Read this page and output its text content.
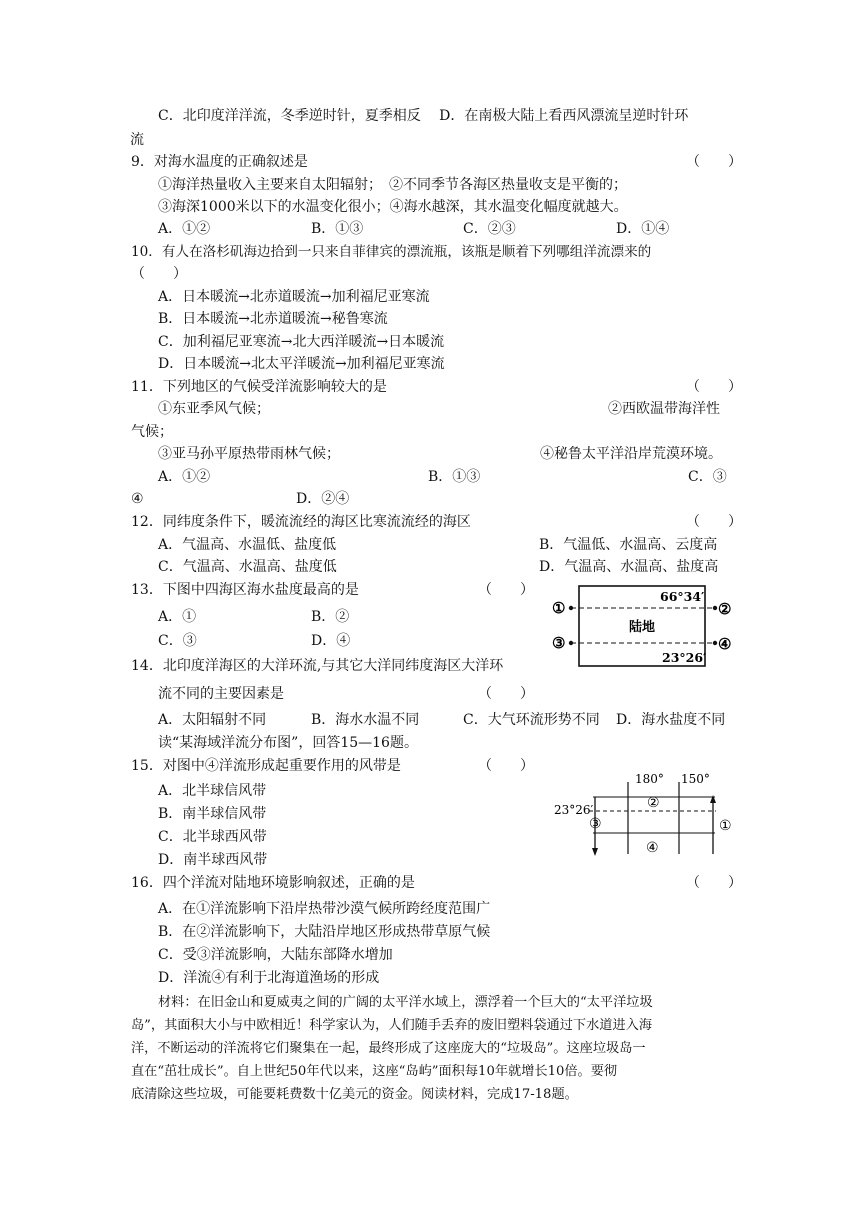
C．北印度洋洋流，冬季逆时针，夏季相反　 D．在南极大陆上看西风漂流呈逆时针环
流
9．对海水温度的正确叙述是	（　　）
①海洋热量收入主要来自太阳辐射；　②不同季节各海区热量收支是平衡的；
③海深1000米以下的水温变化很小；④海水越深，其水温变化幅度就越大。
A．①②	B．①③	C．②③	D．①④
10．有人在洛杉矶海边拾到一只来自菲律宾的漂流瓶，该瓶是顺着下列哪组洋流漂来的
（　　）
A．日本暖流→北赤道暖流→加利福尼亚寒流
B．日本暖流→北赤道暖流→秘鲁寒流
C．加利福尼亚寒流→北大西洋暖流→日本暖流
D．日本暖流→北太平洋暖流→加利福尼亚寒流
11．下列地区的气候受洋流影响较大的是	（　　）
①东亚季风气候；	②西欧温带海洋性
气候；
③亚马孙平原热带雨林气候；	④秘鲁太平洋沿岸荒漠环境。
A．①②	B．①③	C．③
④	D．②④
12．同纬度条件下，暖流流经的海区比寒流流经的海区	（　　）
A．气温高、水温低、盐度低	B．气温低、水温高、云度高
C．气温高、水温高、盐度低	D．气温高、水温高、盐度高
13．下图中四海区海水盐度最高的是	（　　）
A．①	B．②
C．③	D．④
66°34′
23°26′
陆地
①	②
③	④
14．北印度洋海区的大洋环流,与其它大洋同纬度海区大洋环
流不同的主要因素是	（　　）
A．太阳辐射不同	B．海水水温不同	C．大气环流形势不同 D．海水盐度不同
读“某海域洋流分布图”，回答15—16题。
15．对图中④洋流形成起重要作用的风带是	（　　）
A．北半球信风带
B．南半球信风带
C．北半球西风带
D．南半球西风带
180° 150°
23°26′	②
③
④
①
16．四个洋流对陆地环境影响叙述，正确的是	（　　）
A．在①洋流影响下沿岸热带沙漠气候所跨经度范围广
B．在②洋流影响下，大陆沿岸地区形成热带草原气候
C．受③洋流影响，大陆东部降水增加
D．洋流④有利于北海道渔场的形成
材料：在旧金山和夏威夷之间的广阔的太平洋水域上，漂浮着一个巨大的“太平洋垃圾
岛”，其面积大小与中欧相近！科学家认为，人们随手丢弃的废旧塑料袋通过下水道进入海
洋，不断运动的洋流将它们聚集在一起，最终形成了这座庞大的“垃圾岛”。这座垃圾岛一
直在“茁壮成长”。自上世纪50年代以来，这座“岛屿”面积每10年就增长10倍。要彻
底清除这些垃圾，可能要耗费数十亿美元的资金。阅读材料，完成17-18题。
